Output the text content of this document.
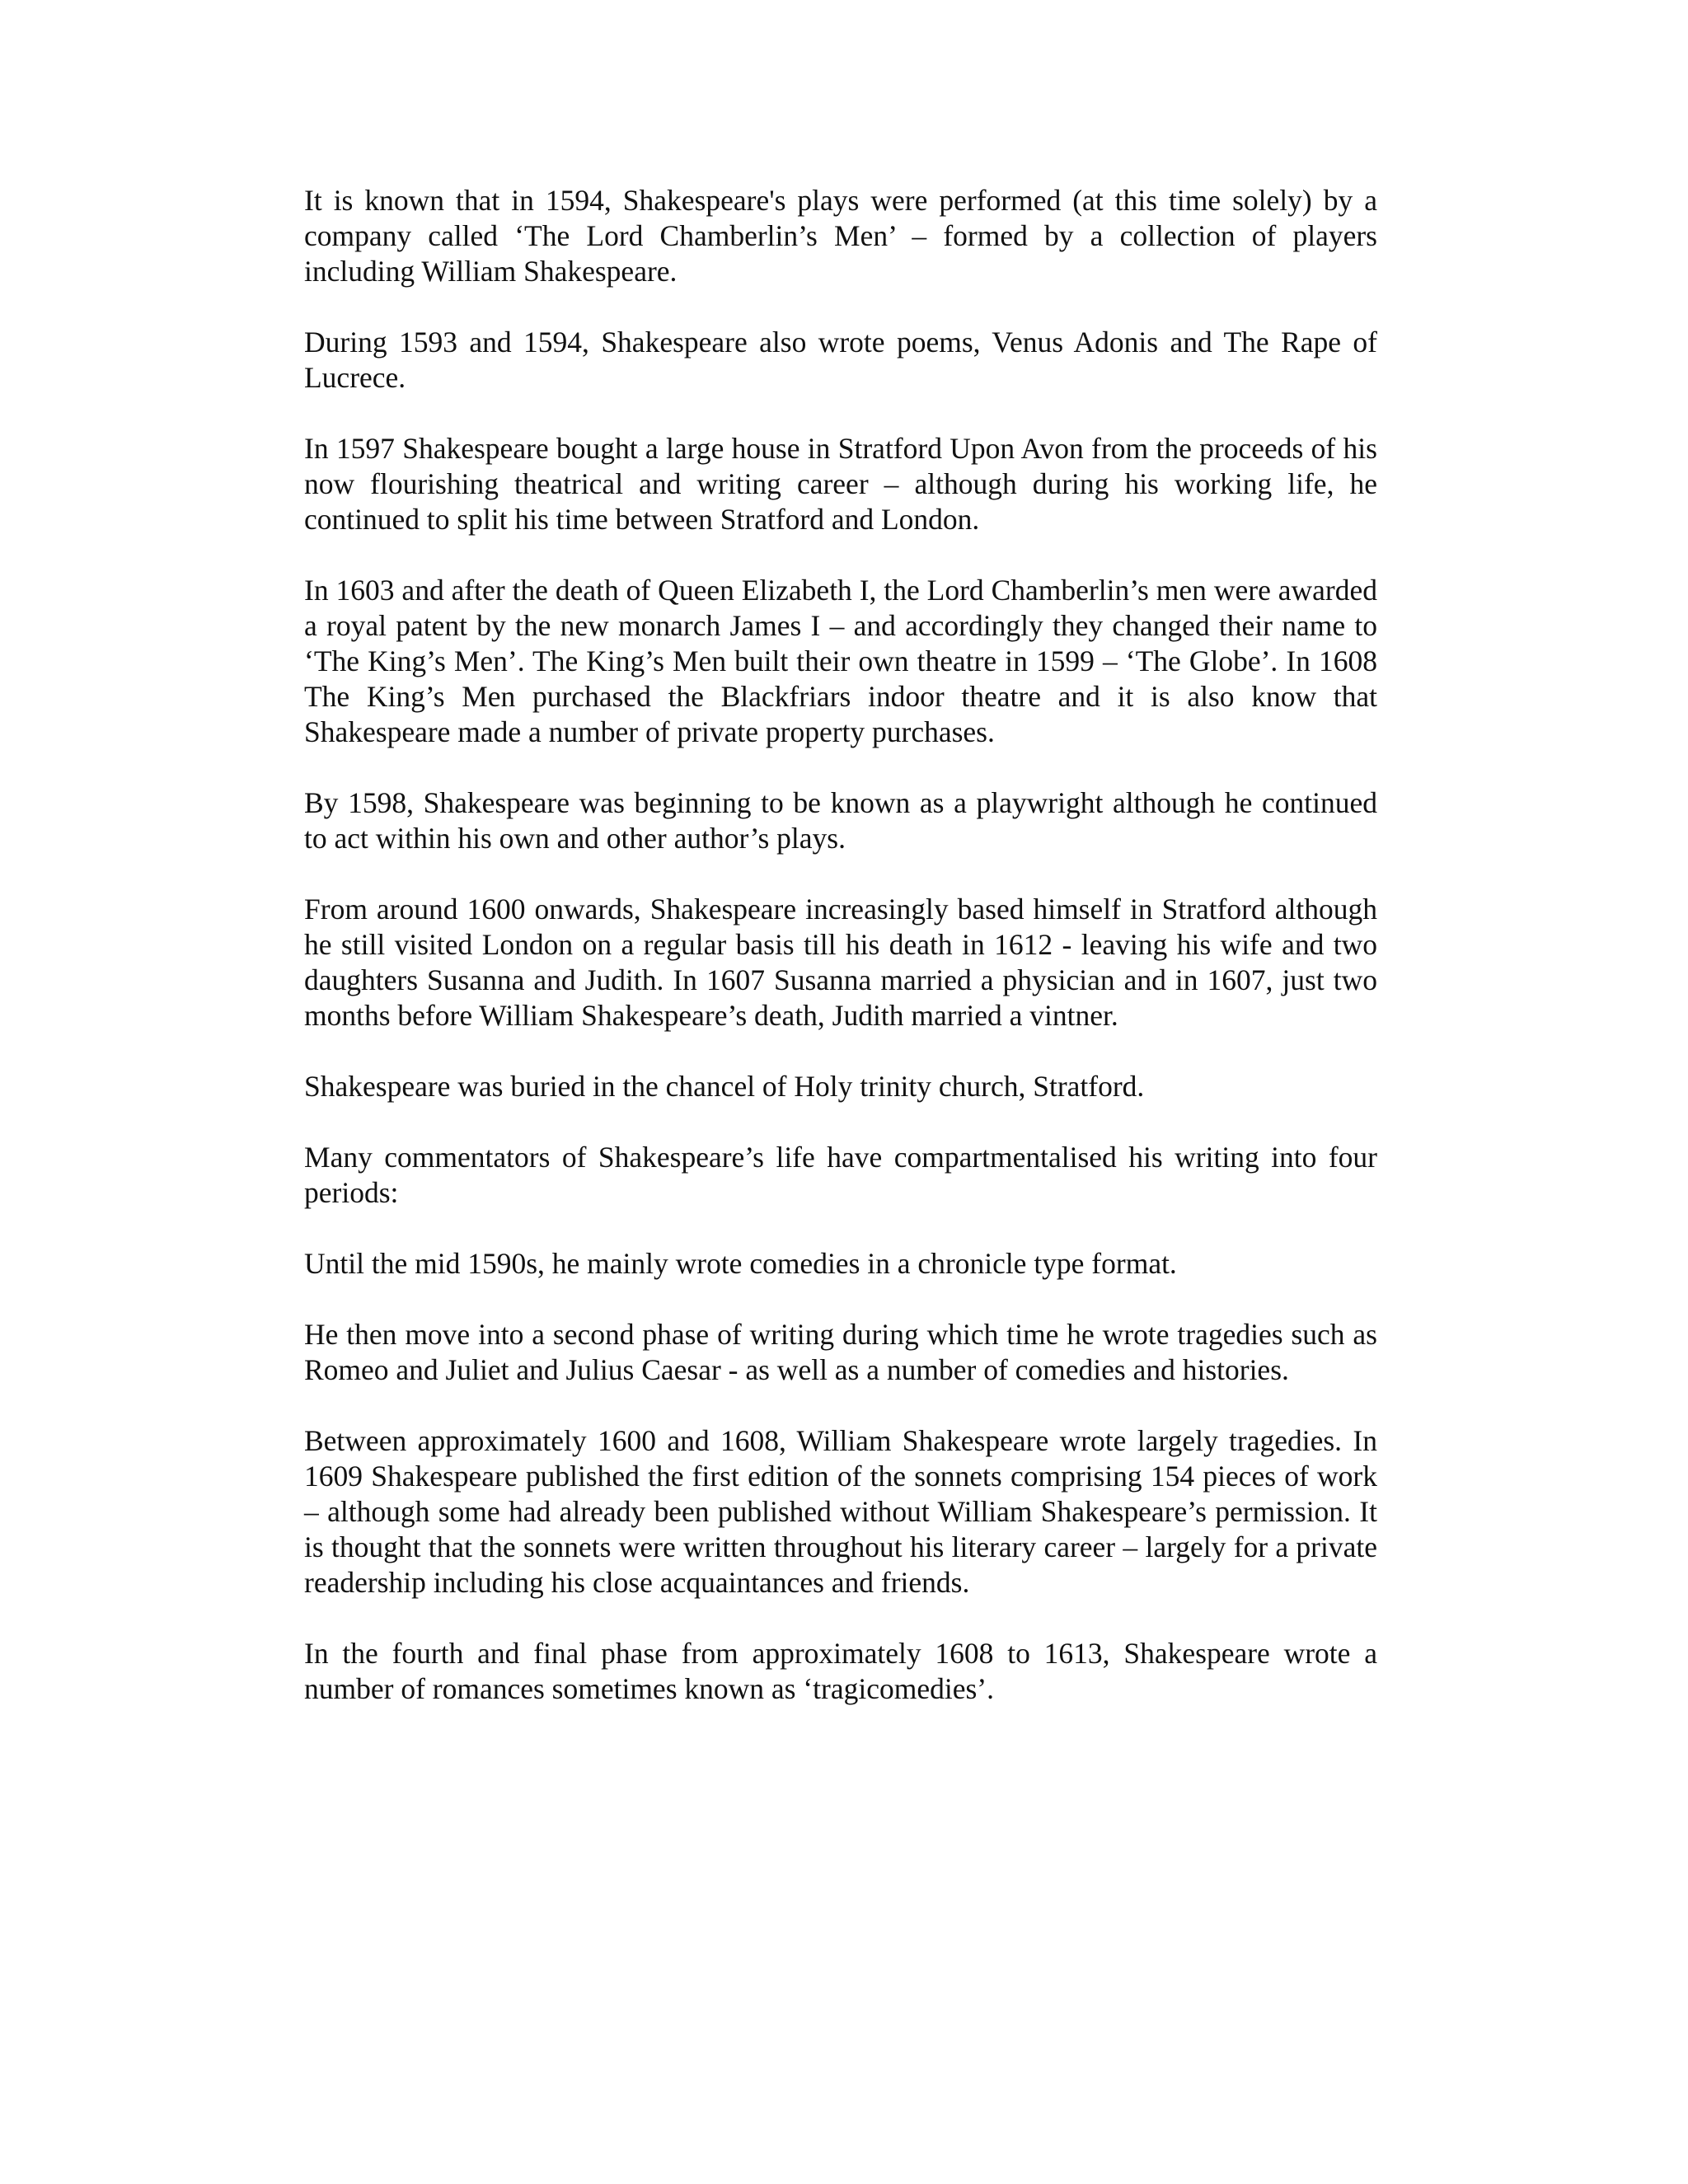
It is known that in 1594, Shakespeare's plays were performed (at this time solely) by a company called ‘The Lord Chamberlin’s Men’ – formed by a collection of players including William Shakespeare.

During 1593 and 1594, Shakespeare also wrote poems, Venus Adonis and The Rape of Lucrece.

In 1597 Shakespeare bought a large house in Stratford Upon Avon from the proceeds of his now flourishing theatrical and writing career – although during his working life, he continued to split his time between Stratford and London.

In 1603 and after the death of Queen Elizabeth I, the Lord Chamberlin’s men were awarded a royal patent by the new monarch James I – and accordingly they changed their name to ‘The King’s Men’. The King’s Men built their own theatre in 1599 – ‘The Globe’. In 1608 The King’s Men purchased the Blackfriars indoor theatre and it is also know that Shakespeare made a number of private property purchases.

By 1598, Shakespeare was beginning to be known as a playwright although he continued to act within his own and other author’s plays.

From around 1600 onwards, Shakespeare increasingly based himself in Stratford although he still visited London on a regular basis till his death in 1612 - leaving his wife and two daughters Susanna and Judith. In 1607 Susanna married a physician and in 1607, just two months before William Shakespeare’s death, Judith married a vintner.

Shakespeare was buried in the chancel of Holy trinity church, Stratford.

Many commentators of Shakespeare’s life have compartmentalised his writing into four periods:

Until the mid 1590s, he mainly wrote comedies in a chronicle type format.

He then move into a second phase of writing during which time he wrote tragedies such as Romeo and Juliet and Julius Caesar - as well as a number of comedies and histories.

Between approximately 1600 and 1608, William Shakespeare wrote largely tragedies. In 1609 Shakespeare published the first edition of the sonnets comprising 154 pieces of work – although some had already been published without William Shakespeare’s permission. It is thought that the sonnets were written throughout his literary career – largely for a private readership including his close acquaintances and friends.

In the fourth and final phase from approximately 1608 to 1613, Shakespeare wrote a number of romances sometimes known as ‘tragicomedies’.
